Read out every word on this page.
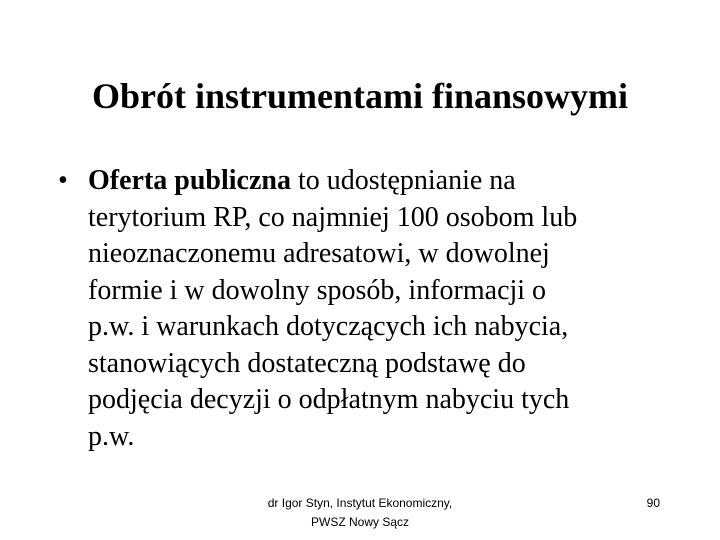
Obrót instrumentami finansowymi
• Oferta publiczna to udostępnianie na
terytorium RP, co najmniej 100 osobom lub
nieoznaczonemu adresatowi, w dowolnej
formie i w dowolny sposób, informacji o
p.w. i warunkach dotyczących ich nabycia,
stanowiących dostateczną podstawę do
podjęcia decyzji o odpłatnym nabyciu tych
p.w.
dr Igor Styn, Instytut Ekonomiczny,
PWSZ Nowy Sącz
90
